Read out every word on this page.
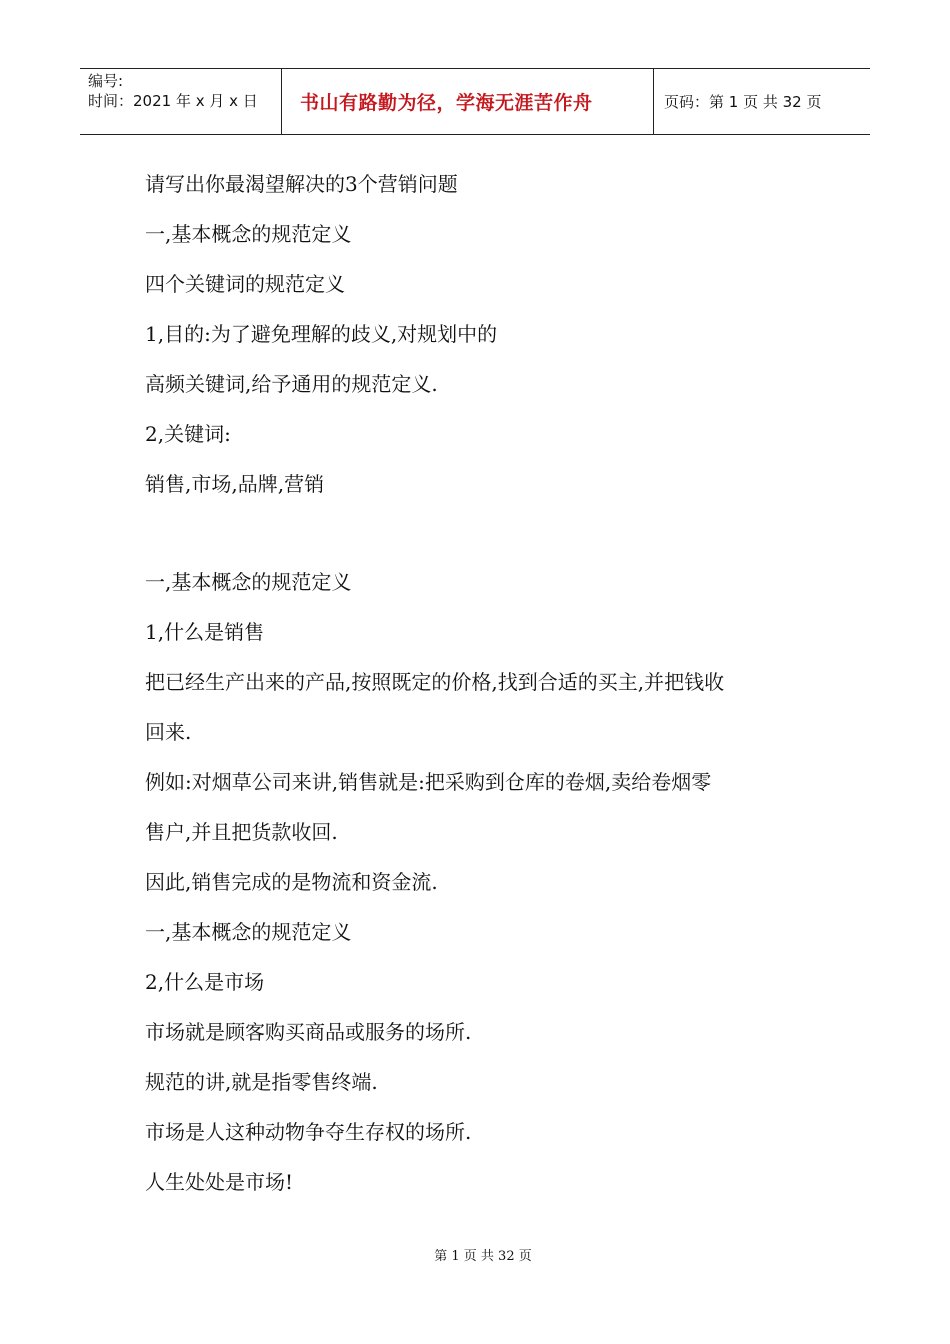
编号:
时间：2021 年 x 月 x 日 书山有路勤为径，学海无涯苦作舟	页码：第 1 页 共 32 页
请写出你最渴望解决的3个营销问题
一,基本概念的规范定义
四个关键词的规范定义
1,目的:为了避免理解的歧义,对规划中的
高频关键词,给予通用的规范定义.
2,关键词:
销售,市场,品牌,营销
一,基本概念的规范定义
1,什么是销售
把已经生产出来的产品,按照既定的价格,找到合适的买主,并把钱收
回来.
例如:对烟草公司来讲,销售就是:把采购到仓库的卷烟,卖给卷烟零
售户,并且把货款收回.
因此,销售完成的是物流和资金流.
一,基本概念的规范定义
2,什么是市场
市场就是顾客购买商品或服务的场所.
规范的讲,就是指零售终端.
市场是人这种动物争夺生存权的场所.
人生处处是市场!
第 1 页 共 32 页
